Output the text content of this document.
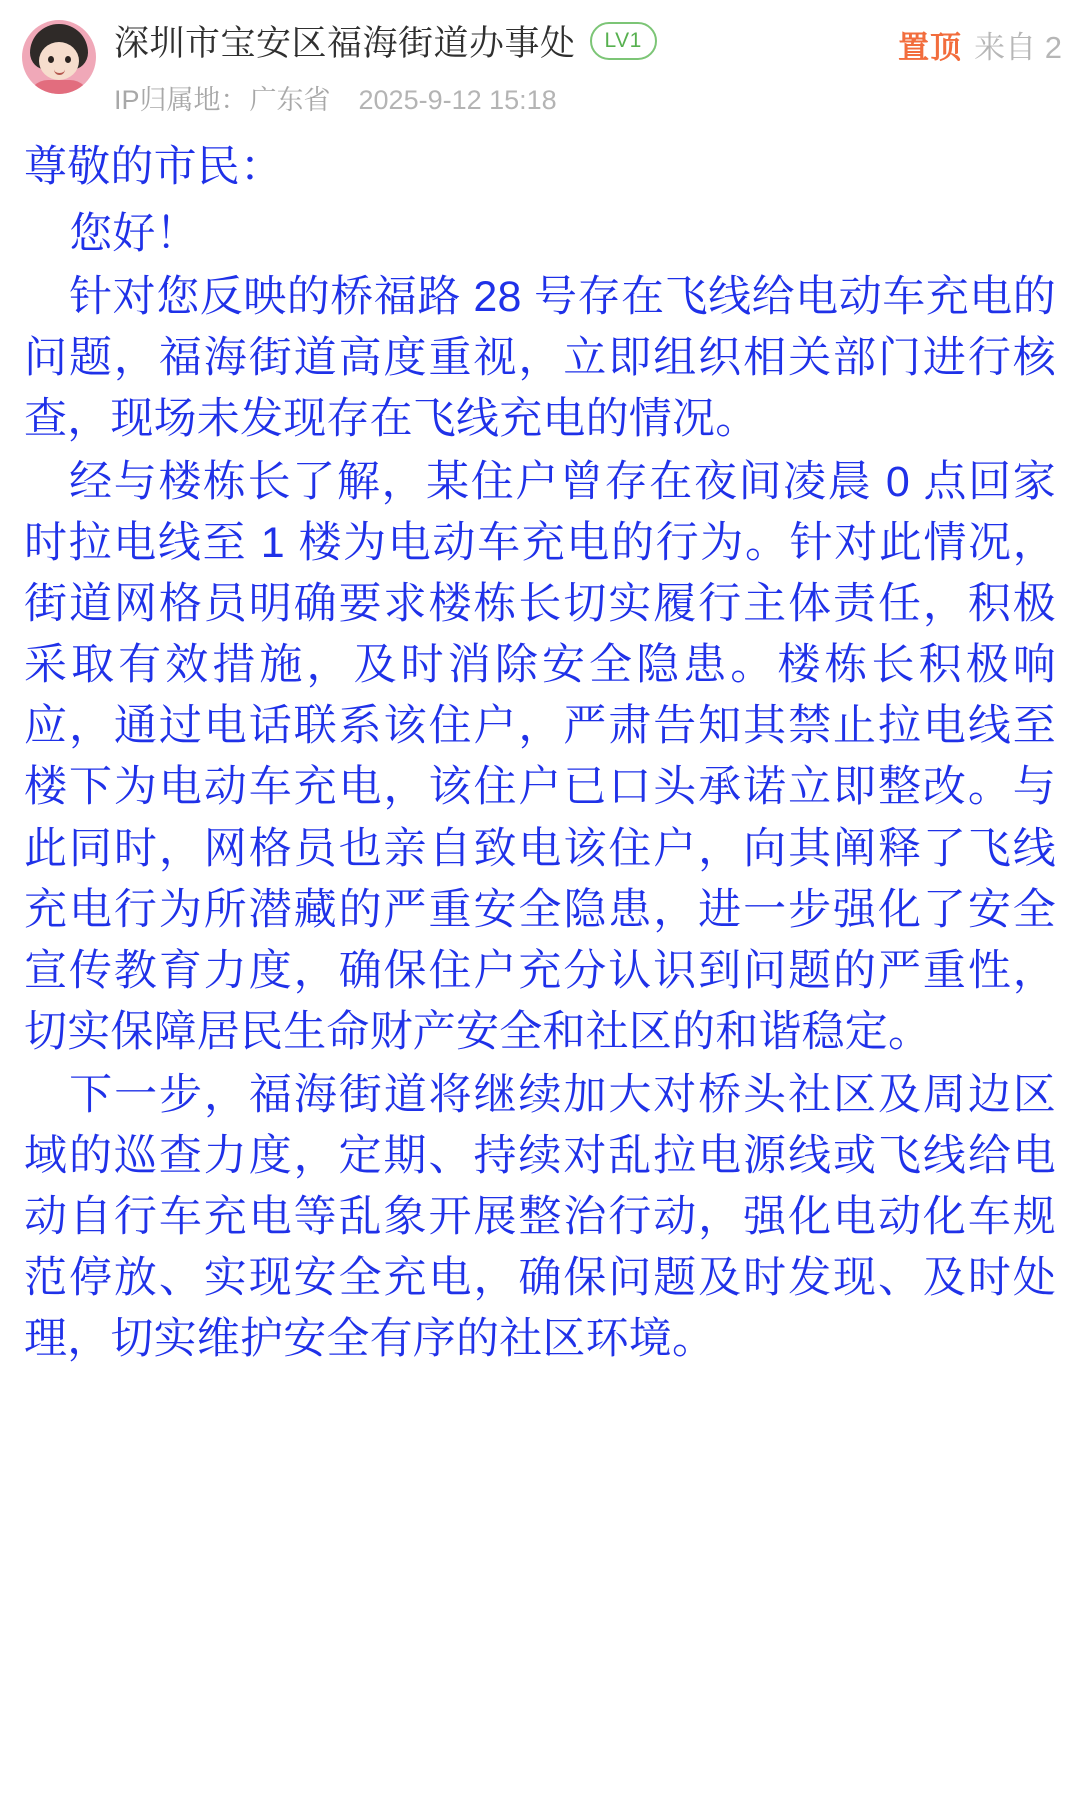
深圳市宝安区福海街道办事处	LV1
IP归属地：广东省 2025-9-12 15:18
置顶 来自 2

尊敬的市民：

您好！

针对您反映的桥福路 28 号存在飞线给电动车充电的问题，福海街道高度重视，立即组织相关部门进行核查，现场未发现存在飞线充电的情况。

经与楼栋长了解，某住户曾存在夜间凌晨 0 点回家时拉电线至 1 楼为电动车充电的行为。针对此情况，街道网格员明确要求楼栋长切实履行主体责任，积极采取有效措施，及时消除安全隐患。楼栋长积极响应，通过电话联系该住户，严肃告知其禁止拉电线至楼下为电动车充电，该住户已口头承诺立即整改。与此同时，网格员也亲自致电该住户，向其阐释了飞线充电行为所潜藏的严重安全隐患，进一步强化了安全宣传教育力度，确保住户充分认识到问题的严重性，切实保障居民生命财产安全和社区的和谐稳定。

下一步，福海街道将继续加大对桥头社区及周边区域的巡查力度，定期、持续对乱拉电源线或飞线给电动自行车充电等乱象开展整治行动，强化电动化车规范停放、实现安全充电，确保问题及时发现、及时处理，切实维护安全有序的社区环境。
